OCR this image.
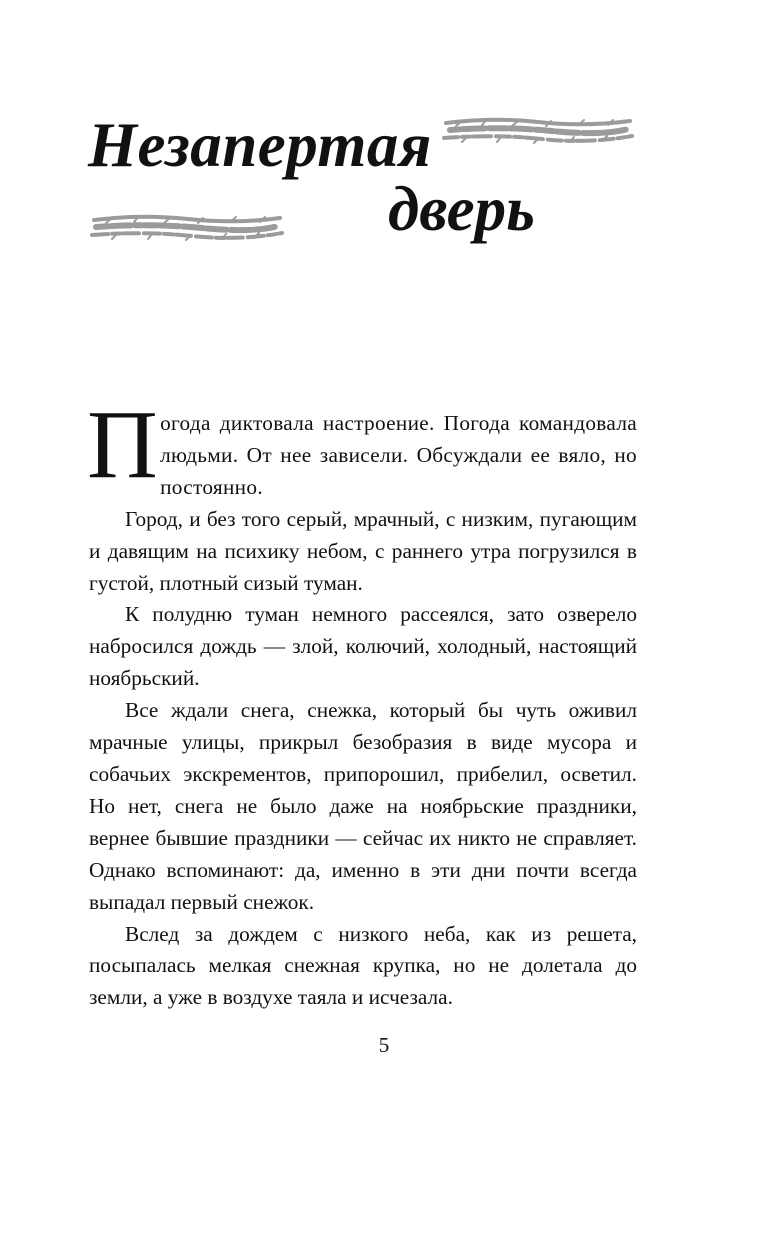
Незапертая
дверь

Погода диктовала настроение. Погода командовала людьми. От нее зависели. Обсуждали ее вяло, но постоянно.

Город, и без того серый, мрачный, с низким, пугающим и давящим на психику небом, с раннего утра погрузился в густой, плотный сизый туман.

К полудню туман немного рассеялся, зато озверело набросился дождь — злой, колючий, холодный, настоящий ноябрьский.

Все ждали снега, снежка, который бы чуть оживил мрачные улицы, прикрыл безобразия в виде мусора и собачьих экскрементов, припорошил, прибелил, осветил. Но нет, снега не было даже на ноябрьские праздники, вернее бывшие праздники — сейчас их никто не справляет. Однако вспоминают: да, именно в эти дни почти всегда выпадал первый снежок.

Вслед за дождем с низкого неба, как из решета, посыпалась мелкая снежная крупка, но не долетала до земли, а уже в воздухе таяла и исчезала.

5
